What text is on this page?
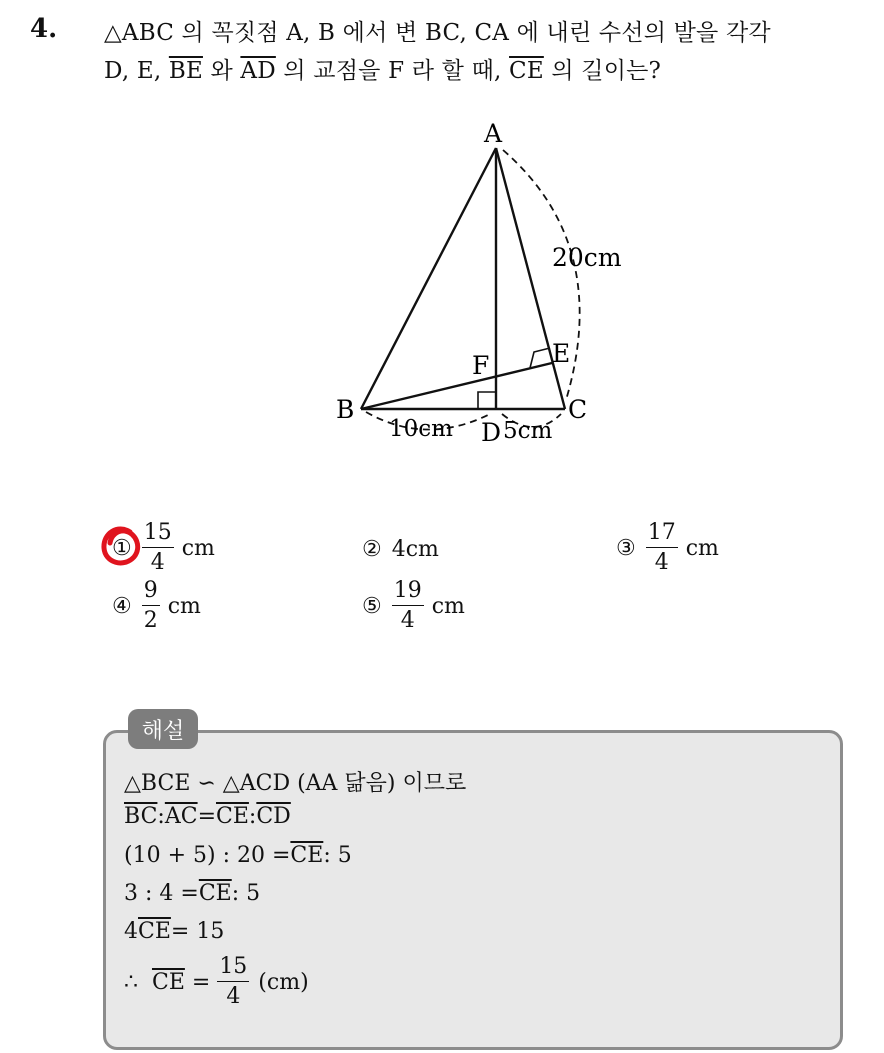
4. △ABC 의 꼭짓점 A, B 에서 변 BC, CA 에 내린 수선의 발을 각각
D, E, $\overline{BE}$ 와 $\overline{AD}$ 의 교점을 F 라 할 때, $\overline{CE}$ 의 길이는?
A
B	C
D
E
F
20cm
10cm 5cm
① $\frac{15}{4}$ cm	② 4cm	③ $\frac{17}{4}$ cm
④ $\frac{9}{2}$ cm	⑤ $\frac{19}{4}$ cm
해설
△BCE ∽ △ACD (AA 닮음) 이므로
$\overline{BC}$ : $\overline{AC} = \overline{CE}$ : $\overline{CD}$
(10 + 5) : $20 = \overline{CE}$ : 5
3 : $4 = \overline{CE}$ : 5
4 $\overline{CE} = 15$
∴ $\overline{CE} = \frac{15}{4} (cm)$
